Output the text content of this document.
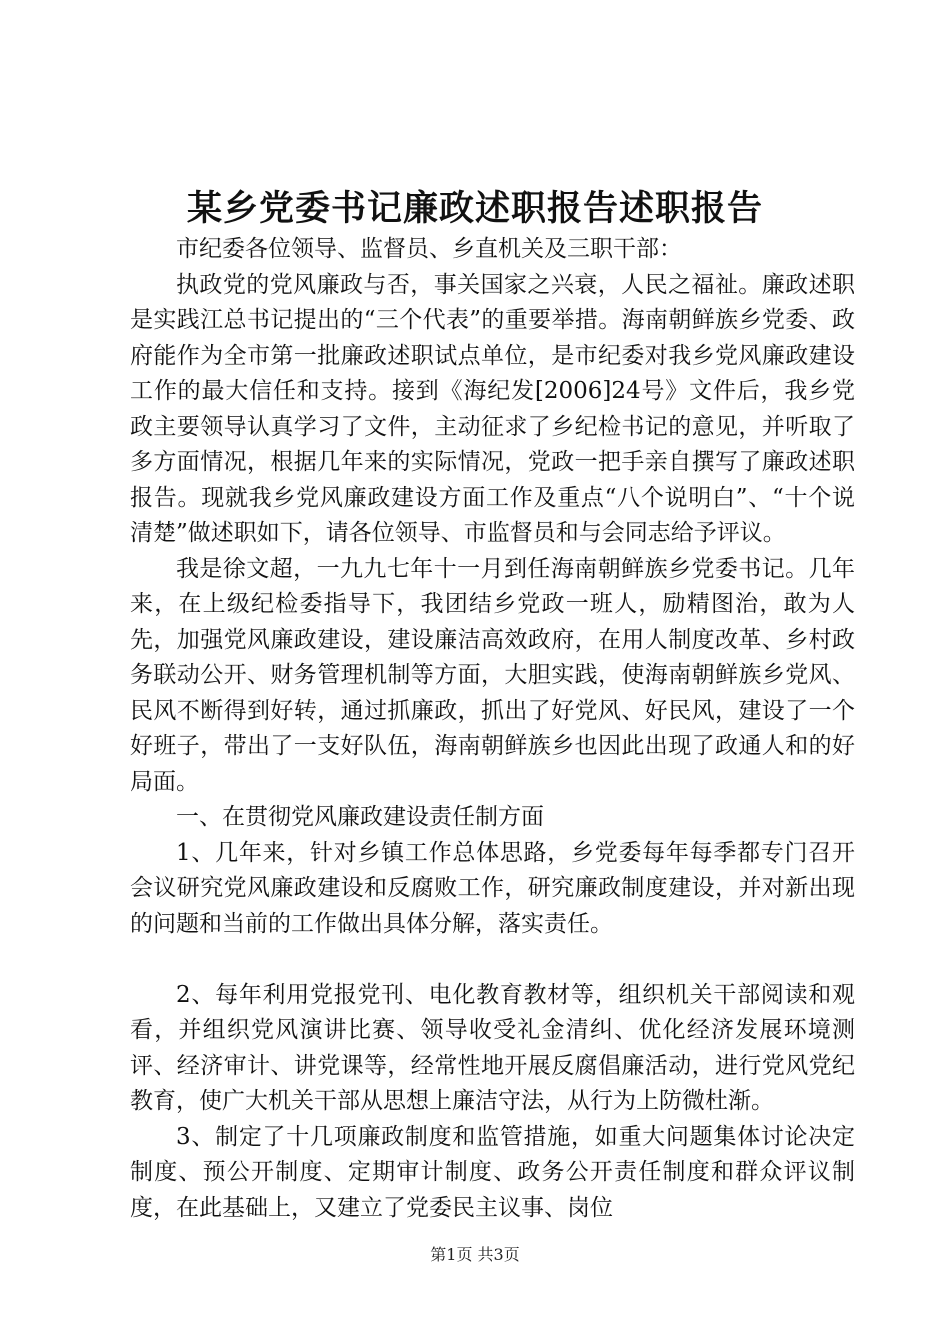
某乡党委书记廉政述职报告述职报告

市纪委各位领导、监督员、乡直机关及三职干部：

执政党的党风廉政与否，事关国家之兴衰，人民之福祉。廉政述职是实践江总书记提出的“三个代表”的重要举措。海南朝鲜族乡党委、政府能作为全市第一批廉政述职试点单位，是市纪委对我乡党风廉政建设工作的最大信任和支持。接到《海纪发[2006]24号》文件后，我乡党政主要领导认真学习了文件，主动征求了乡纪检书记的意见，并听取了多方面情况，根据几年来的实际情况，党政一把手亲自撰写了廉政述职报告。现就我乡党风廉政建设方面工作及重点“八个说明白”、“十个说清楚”做述职如下，请各位领导、市监督员和与会同志给予评议。

我是徐文超，一九九七年十一月到任海南朝鲜族乡党委书记。几年来，在上级纪检委指导下，我团结乡党政一班人，励精图治，敢为人先，加强党风廉政建设，建设廉洁高效政府，在用人制度改革、乡村政务联动公开、财务管理机制等方面，大胆实践，使海南朝鲜族乡党风、民风不断得到好转，通过抓廉政，抓出了好党风、好民风，建设了一个好班子，带出了一支好队伍，海南朝鲜族乡也因此出现了政通人和的好局面。

一、在贯彻党风廉政建设责任制方面

1、几年来，针对乡镇工作总体思路，乡党委每年每季都专门召开会议研究党风廉政建设和反腐败工作，研究廉政制度建设，并对新出现的问题和当前的工作做出具体分解，落实责任。

2、每年利用党报党刊、电化教育教材等，组织机关干部阅读和观看，并组织党风演讲比赛、领导收受礼金清纠、优化经济发展环境测评、经济审计、讲党课等，经常性地开展反腐倡廉活动，进行党风党纪教育，使广大机关干部从思想上廉洁守法，从行为上防微杜渐。

3、制定了十几项廉政制度和监管措施，如重大问题集体讨论决定制度、预公开制度、定期审计制度、政务公开责任制度和群众评议制度，在此基础上，又建立了党委民主议事、岗位

第1页 共3页
